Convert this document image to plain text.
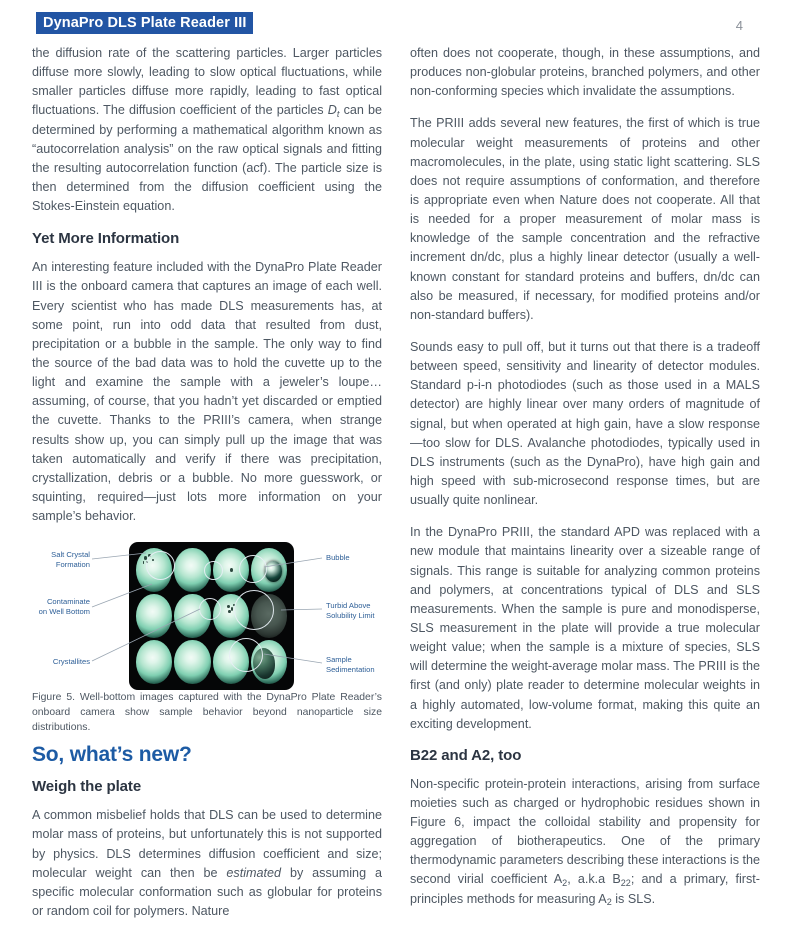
DynaPro DLS Plate Reader III	4

the diffusion rate of the scattering particles. Larger particles diffuse more slowly, leading to slow optical fluctuations, while smaller particles diffuse more rapidly, leading to fast optical fluctuations. The diffusion coefficient of the particles $D_t$ can be determined by performing a mathematical algorithm known as “autocorrelation analysis” on the raw optical signals and fitting the resulting autocorrelation function (acf). The particle size is then determined from the diffusion coefficient using the Stokes-Einstein equation.

Yet More Information

An interesting feature included with the DynaPro Plate Reader III is the onboard camera that captures an image of each well. Every scientist who has made DLS measurements has, at some point, run into odd data that resulted from dust, precipitation or a bubble in the sample. The only way to find the source of the bad data was to hold the cuvette up to the light and examine the sample with a jeweler’s loupe… assuming, of course, that you hadn’t yet discarded or emptied the cuvette. Thanks to the PRIII’s camera, when strange results show up, you can simply pull up the image that was taken automatically and verify if there was precipitation, crystallization, debris or a bubble. No more guesswork, or squinting, required—just lots more information on your sample’s behavior.

Salt Crystal
Formation
Contaminate
on Well Bottom
Crystallites
Bubble
Turbid Above
Solubility Limit
Sample
Sedimentation
Figure 5. Well-bottom images captured with the DynaPro Plate Reader’s onboard camera show sample behavior beyond nanoparticle size distributions.
So, what’s new?
Weigh the plate

A common misbelief holds that DLS can be used to determine molar mass of proteins, but unfortunately this is not supported by physics. DLS determines diffusion coefficient and size; molecular weight can then be estimated by assuming a specific molecular conformation such as globular for proteins or random coil for polymers. Nature

often does not cooperate, though, in these assumptions, and produces non-globular proteins, branched polymers, and other non-conforming species which invalidate the assumptions.

The PRIII adds several new features, the first of which is true molecular weight measurements of proteins and other macromolecules, in the plate, using static light scattering. SLS does not require assumptions of conformation, and therefore is appropriate even when Nature does not cooperate. All that is needed for a proper measurement of molar mass is knowledge of the sample concentration and the refractive increment dn/dc, plus a highly linear detector (usually a well-known constant for standard proteins and buffers, dn/dc can also be measured, if necessary, for modified proteins and/or non-standard buffers).

Sounds easy to pull off, but it turns out that there is a tradeoff between speed, sensitivity and linearity of detector modules. Standard p-i-n photodiodes (such as those used in a MALS detector) are highly linear over many orders of magnitude of signal, but when operated at high gain, have a slow response—too slow for DLS. Avalanche photodiodes, typically used in DLS instruments (such as the DynaPro), have high gain and high speed with sub-microsecond response times, but are usually quite nonlinear.

In the DynaPro PRIII, the standard APD was replaced with a new module that maintains linearity over a sizeable range of signals. This range is suitable for analyzing common proteins and polymers, at concentrations typical of DLS and SLS measurements. When the sample is pure and monodisperse, SLS measurement in the plate will provide a true molecular weight value; when the sample is a mixture of species, SLS will determine the weight-average molar mass. The PRIII is the first (and only) plate reader to determine molecular weights in a highly automated, low-volume format, making this quite an exciting development.

B22 and A2, too

Non-specific protein-protein interactions, arising from surface moieties such as charged or hydrophobic residues shown in Figure 6, impact the colloidal stability and propensity for aggregation of biotherapeutics. One of the primary thermodynamic parameters describing these interactions is the second virial coefficient $A_2$, a.k.a $B_{22}$; and a primary, first-principles methods for measuring $A_2$ is SLS.
